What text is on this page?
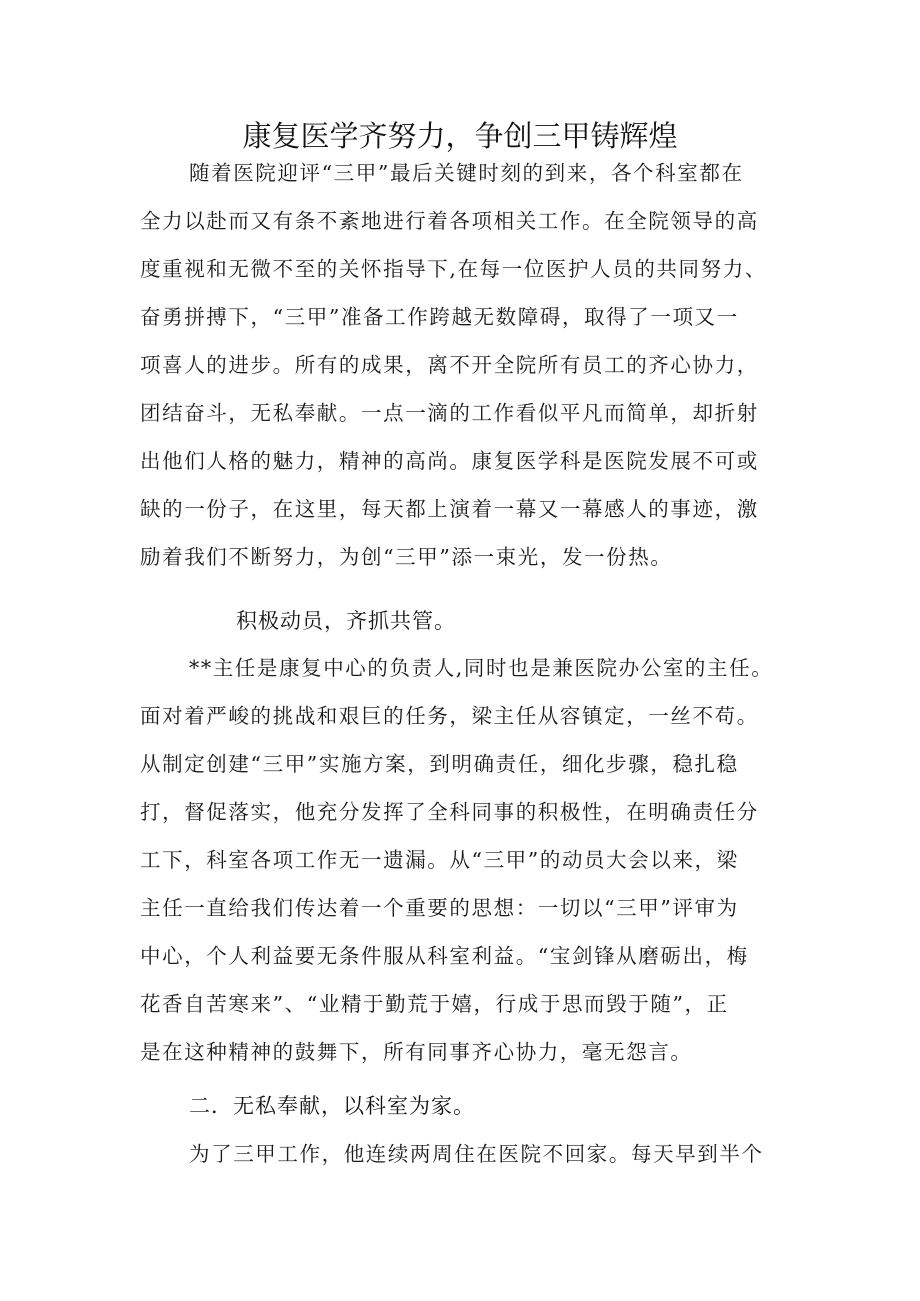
康复医学齐努力，争创三甲铸辉煌

随着医院迎评“三甲”最后关键时刻的到来，各个科室都在

全力以赴而又有条不紊地进行着各项相关工作。在全院领导的高

度重视和无微不至的关怀指导下,在每一位医护人员的共同努力、

奋勇拼搏下，“三甲”准备工作跨越无数障碍，取得了一项又一

项喜人的进步。所有的成果，离不开全院所有员工的齐心协力，

团结奋斗，无私奉献。一点一滴的工作看似平凡而简单，却折射

出他们人格的魅力，精神的高尚。康复医学科是医院发展不可或

缺的一份子，在这里，每天都上演着一幕又一幕感人的事迹，激

励着我们不断努力，为创“三甲”添一束光，发一份热。

积极动员，齐抓共管。

**主任是康复中心的负责人,同时也是兼医院办公室的主任。

面对着严峻的挑战和艰巨的任务，梁主任从容镇定，一丝不苟。

从制定创建“三甲”实施方案，到明确责任，细化步骤，稳扎稳

打，督促落实，他充分发挥了全科同事的积极性，在明确责任分

工下，科室各项工作无一遗漏。从“三甲”的动员大会以来，梁

主任一直给我们传达着一个重要的思想：一切以“三甲”评审为

中心，个人利益要无条件服从科室利益。“宝剑锋从磨砺出，梅

花香自苦寒来”、“业精于勤荒于嬉，行成于思而毁于随”，正

是在这种精神的鼓舞下，所有同事齐心协力，毫无怨言。

二．无私奉献，以科室为家。

为了三甲工作，他连续两周住在医院不回家。每天早到半个
